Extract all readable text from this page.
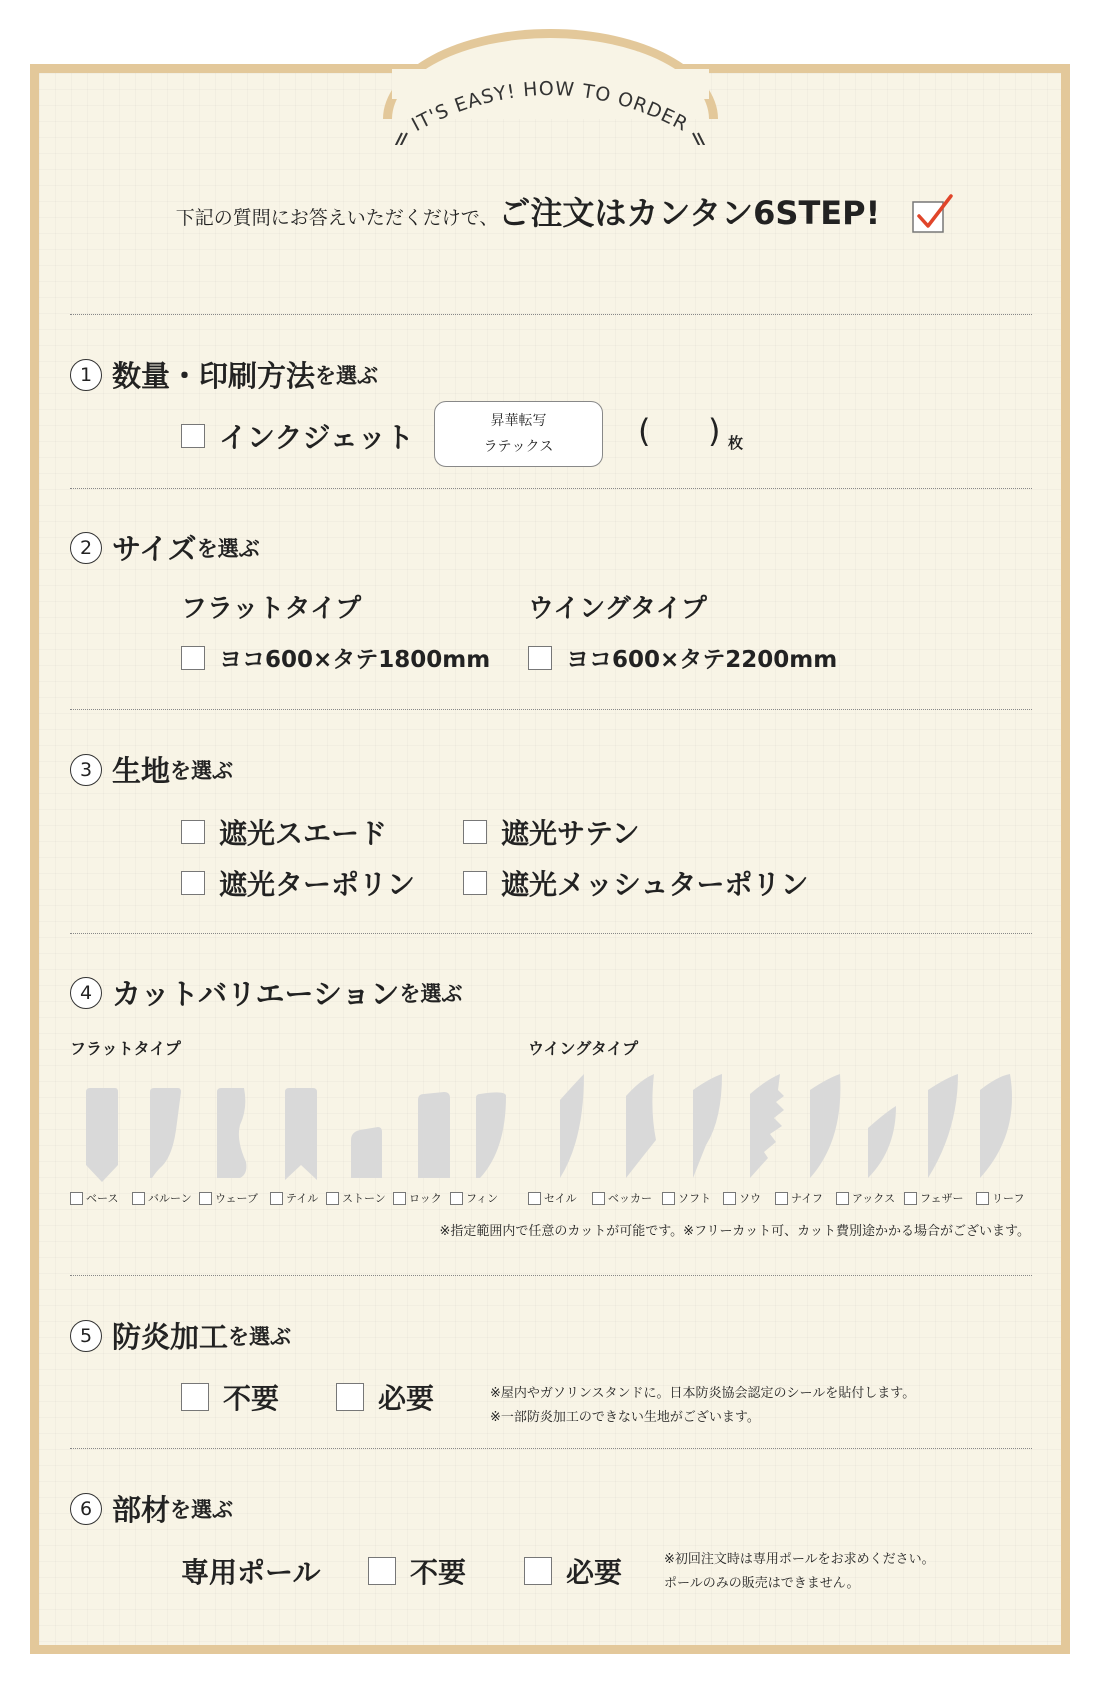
IT'S EASY! HOW TO ORDER
下記の質問にお答えいただくだけで、ご注文はカンタン6STEP!
1 数量・印刷方法 を選ぶ
インクジェット	昇華転写
ラテックス	( ) 枚
2 サイズ を選ぶ
フラットタイプ	ウイングタイプ
ヨコ600×タテ1800mm	ヨコ600×タテ2200mm
3 生地 を選ぶ
遮光スエード	遮光サテン
遮光ターポリン	遮光メッシュターポリン
4 カットバリエーション を選ぶ
フラットタイプ	ウイングタイプ
ベース	バルーン ウェーブ	テイル ストーン ロック フィン	セイル	ベッカー ソフト	ソウ	ナイフ	アックス フェザー	リーフ
※指定範囲内で任意のカットが可能です。※フリーカット可、カット費別途かかる場合がございます。
5 防炎加工 を選ぶ
不要	必要	※屋内やガソリンスタンドに。日本防炎協会認定のシールを貼付します。
※一部防炎加工のできない生地がございます。
6 部材 を選ぶ
専用ポール	不要	必要	※初回注文時は専用ポールをお求めください。
ポールのみの販売はできません。
